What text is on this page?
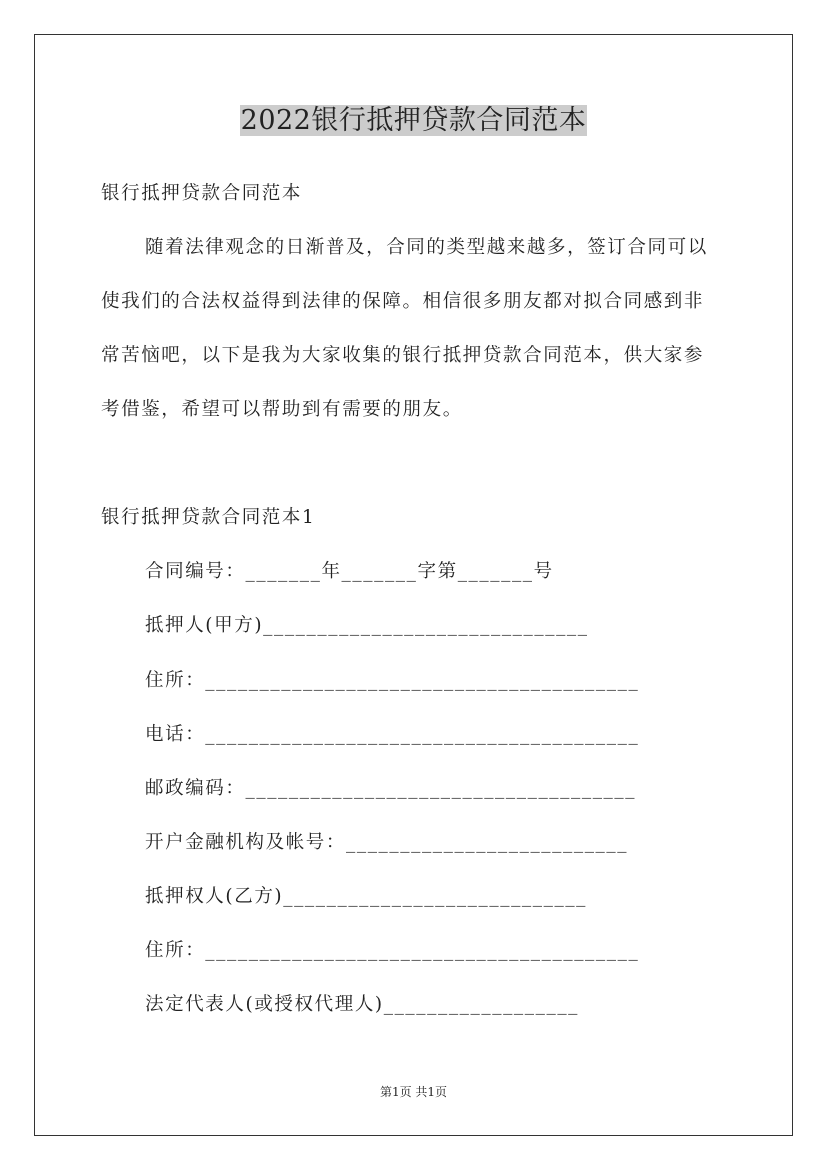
2022银行抵押贷款合同范本
银行抵押贷款合同范本
随着法律观念的日渐普及，合同的类型越来越多，签订合同可以
使我们的合法权益得到法律的保障。相信很多朋友都对拟合同感到非
常苦恼吧，以下是我为大家收集的银行抵押贷款合同范本，供大家参
考借鉴，希望可以帮助到有需要的朋友。
银行抵押贷款合同范本1
合同编号：_______年_______字第_______号
抵押人(甲方)______________________________
住所：________________________________________
电话：________________________________________
邮政编码：____________________________________
开户金融机构及帐号：__________________________
抵押权人(乙方)____________________________
住所：________________________________________
法定代表人(或授权代理人)__________________
第1页 共1页
